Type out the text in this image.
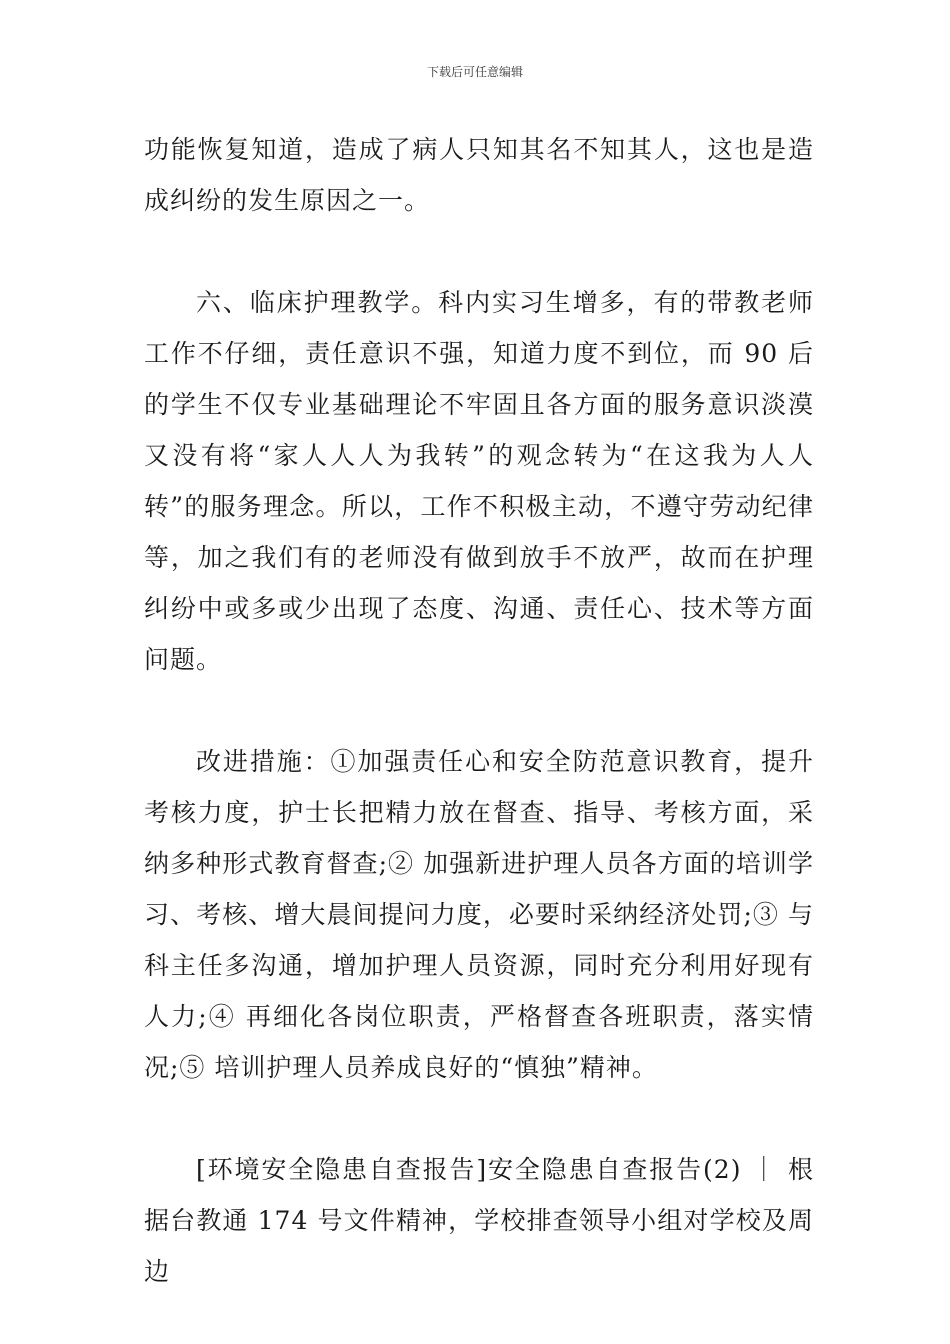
下载后可任意编辑

功能恢复知道，造成了病人只知其名不知其人，这也是造成纠纷的发生原因之一。

六、临床护理教学。科内实习生增多，有的带教老师工作不仔细，责任意识不强，知道力度不到位，而 90 后的学生不仅专业基础理论不牢固且各方面的服务意识淡漠又没有将“家人人人为我转”的观念转为“在这我为人人转”的服务理念。所以，工作不积极主动，不遵守劳动纪律等，加之我们有的老师没有做到放手不放严，故而在护理纠纷中或多或少出现了态度、沟通、责任心、技术等方面问题。

改进措施：①加强责任心和安全防范意识教育，提升考核力度，护士长把精力放在督查、指导、考核方面，采纳多种形式教育督查;② 加强新进护理人员各方面的培训学习、考核、增大晨间提问力度，必要时采纳经济处罚;③ 与科主任多沟通，增加护理人员资源，同时充分利用好现有人力;④ 再细化各岗位职责，严格督查各班职责，落实情况;⑤ 培训护理人员养成良好的“慎独”精神。

[环境安全隐患自查报告]安全隐患自查报告(2) ｜ 根据台教通 174 号文件精神，学校排查领导小组对学校及周边
